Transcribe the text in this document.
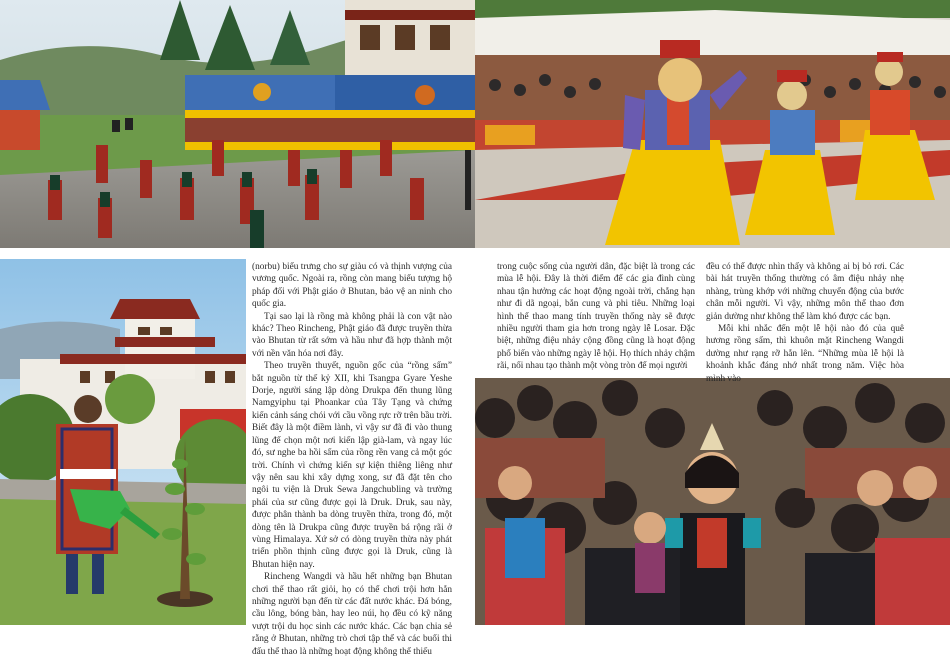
(norbu) biểu trưng cho sự giàu có và thịnh vượng của vương quốc. Ngoài ra, rồng còn mang biểu tượng hộ pháp đối với Phật giáo ở Bhutan, bảo vệ an ninh cho quốc gia.

Tại sao lại là rồng mà không phải là con vật nào khác? Theo Rincheng, Phật giáo đã được truyền thừa vào Bhutan từ rất sớm và hầu như đã hợp thành một với nền văn hóa nơi đây.

Theo truyền thuyết, nguồn gốc của “rồng sấm” bắt nguồn từ thế kỷ XII, khi Tsangpa Gyare Yeshe Dorje, người sáng lập dòng Drukpa đến thung lũng Namgyiphu tại Phoankar của Tây Tạng và chứng kiến cảnh sáng chói với cầu vồng rực rỡ trên bầu trời. Biết đây là một điềm lành, vì vậy sư đã đi vào thung lũng để chọn một nơi kiến lập già-lam, và ngay lúc đó, sư nghe ba hồi sấm của rồng rền vang cả một góc trời. Chính vì chứng kiến sự kiện thiêng liêng như vậy nên sau khi xây dựng xong, sư đã đặt tên cho ngôi tu viện là Druk Sewa Jangchubling và trường phái của sư cũng được gọi là Druk. Druk, sau này, được phân thành ba dòng truyền thừa, trong đó, một dòng tên là Drukpa cũng được truyền bá rộng rãi ở vùng Himalaya. Xứ sở có dòng truyền thừa này phát triển phồn thịnh cũng được gọi là Druk, cũng là Bhutan hiện nay.

Rincheng Wangdi và hầu hết những bạn Bhutan chơi thể thao rất giỏi, họ có thể chơi trội hơn hẳn những người bạn đến từ các đất nước khác. Đá bóng, cầu lông, bóng bàn, hay leo núi, họ đều có kỹ năng vượt trội du học sinh các nước khác. Các bạn chia sẻ rằng ở Bhutan, những trò chơi tập thể và các buổi thi đấu thể thao là những hoạt động không thể thiếu

trong cuộc sống của người dân, đặc biệt là trong các mùa lễ hội. Đây là thời điểm để các gia đình cùng nhau tận hưởng các hoạt động ngoài trời, chẳng hạn như đi dã ngoại, bắn cung và phi tiêu. Những loại hình thể thao mang tính truyền thống này sẽ được nhiều người tham gia hơn trong ngày lễ Losar. Đặc biệt, những điệu nhảy cộng đồng cũng là hoạt động phổ biến vào những ngày lễ hội. Họ thích nhảy chậm rãi, nối nhau tạo thành một vòng tròn để mọi người

đều có thể được nhìn thấy và không ai bị bỏ rơi. Các bài hát truyền thống thường có âm điệu nhảy nhẹ nhàng, trùng khớp với những chuyển động của bước chân mỗi người. Vì vậy, những môn thể thao đơn giản dường như không thể làm khó được các bạn.

Mỗi khi nhắc đến một lễ hội nào đó của quê hương rồng sấm, thì khuôn mặt Rincheng Wangdi dường như rạng rỡ hẳn lên. “Những mùa lễ hội là khoảnh khắc đáng nhớ nhất trong năm. Việc hòa mình vào
